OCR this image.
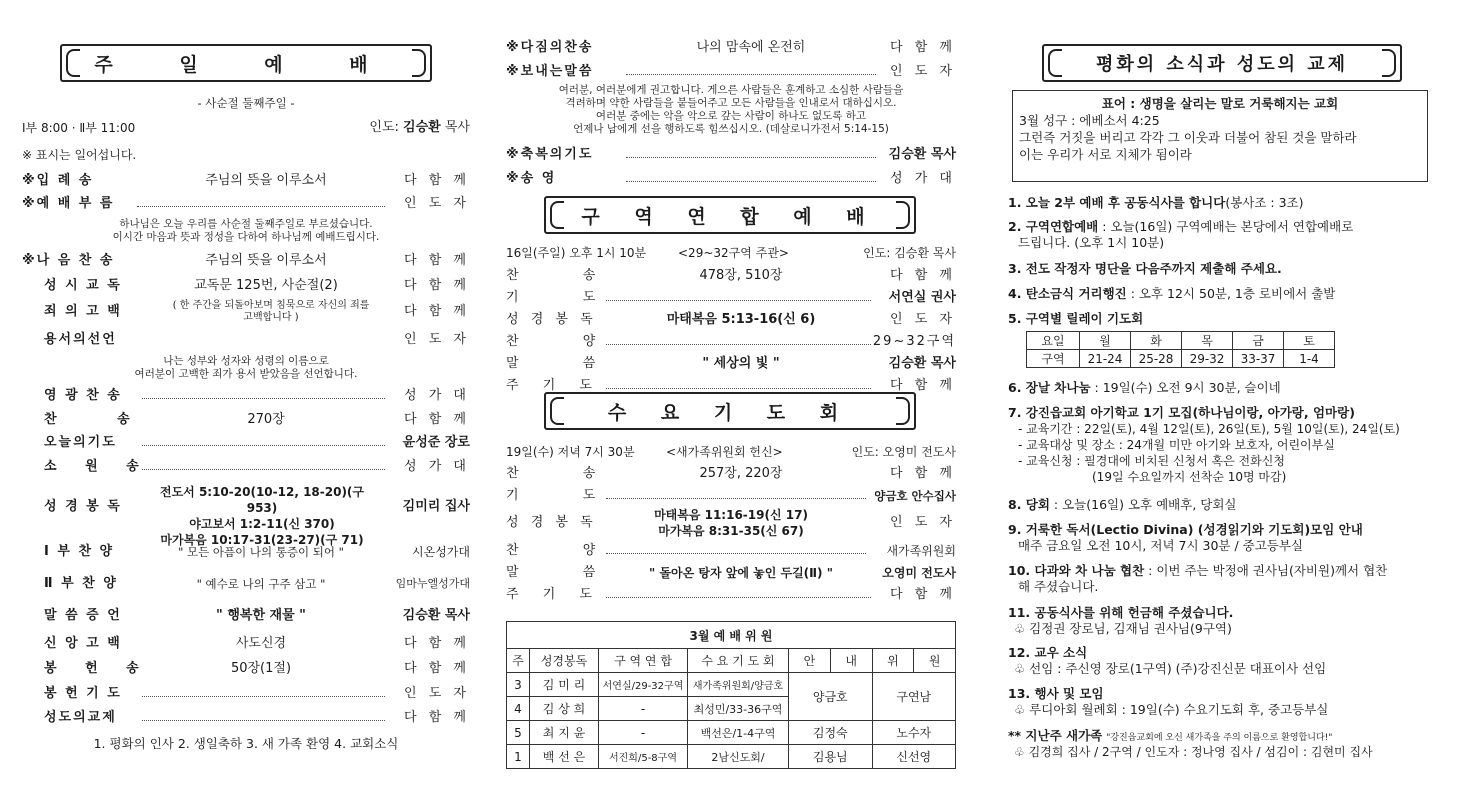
주 일 예 배
- 사순절 둘째주일 -
Ⅰ부 8:00 · Ⅱ부 11:00	인도: 김승환 목사
※ 표시는 일어섭니다.
※입 례 송	주님의 뜻을 이루소서	다 함 께
※예 배 부 름	인 도 자
하나님은 오늘 우리를 사순절 둘째주일로 부르셨습니다.
이시간 마음과 뜻과 정성을 다하여 하나님께 예배드립시다.
※나 음 찬 송	주님의 뜻을 이루소서	다 함 께
성 시 교 독	교독문 125번, 사순절(2)	다 함 께
죄 의 고 백	( 한 주간을 되돌아보며 침묵으로 자신의 죄를 고백합니다 )	다 함 께
용서의선언	인 도 자
나는 성부와 성자와 성령의 이름으로
여러분이 고백한 죄가 용서 받았음을 선언합니다.
영 광 찬 송	성 가 대
찬 송	270장	다 함 께
오늘의기도	윤성준 장로
소 원 송	성 가 대
성 경 봉 독	김미리 집사
전도서 5:10-20(10-12, 18-20)(구 953)
야고보서 1:2-11(신 370)
마가복음 10:17-31(23-27)(구 71)
Ⅰ 부 찬 양	" 모든 아픔이 나의 통증이 되어 "	시온성가대
Ⅱ 부 찬 양	" 예수로 나의 구주 삼고 "	임마누엘성가대
말 씀 증 언	" 행복한 재물 "	김승환 목사
신 앙 고 백	사도신경	다 함 께
봉 헌 송	50장(1절)	다 함 께
봉 헌 기 도	인 도 자
성도의교제	다 함 께
1. 평화의 인사 2. 생일축하 3. 새 가족 환영 4. 교회소식
※다짐의찬송	나의 맘속에 온전히	다 함 께
※보내는말씀	인 도 자
여러분, 여러분에게 권고합니다. 게으른 사람들은 훈계하고 소심한 사람들을
격려하며 약한 사람들을 붙들어주고 모든 사람들을 인내로서 대하십시오.
여러분 중에는 악을 악으로 갚는 사람이 하나도 없도록 하고
언제나 남에게 선을 행하도록 힘쓰십시오. (데살로니가전서 5:14-15)
※축복의기도	김승환 목사
※송 영	성 가 대
구 역 연 합 예 배
16일(주일) 오후 1시 10분	<29~32구역 주관>	인도: 김승환 목사
찬 송	478장, 510장	다 함 께
기 도	서연실 권사
성 경 봉 독	마태복음 5:13-16(신 6)	인 도 자
찬 양	29~32구역
말 씀	" 세상의 빛 "	김승환 목사
주 기 도	다 함 께
수 요 기 도 회
19일(수) 저녁 7시 30분	<새가족위원회 헌신>	인도: 오영미 전도사
찬 송	257장, 220장	다 함 께
기 도	양금호 안수집사
성 경 봉 독	인 도 자
마태복음 11:16-19(신 17)
마가복음 8:31-35(신 67)
찬 양	새가족위원회
말 씀	" 돌아온 탕자 앞에 놓인 두길(Ⅱ) "	오영미 전도사
주 기 도	다 함 께
3월 예 배 위 원							
주	성경봉독	구 역 연 합	수 요 기 도 회	안	내	위	원
3	김 미 리	서연실/29-32구역	새가족위원회/양금호	양금호		구연남	
4	김 상 희	-	최성민/33-36구역				
5	최 지 윤	-	백선은/1-4구역	김정숙		노수자	
1	백 선 은	서진희/5-8구역	2남신도회/	김용님		신선영	
평화의 소식과 성도의 교제
표어 : 생명을 살리는 말로 거룩해지는 교회
3월 성구 : 에베소서 4:25
그런즉 거짓을 버리고 각각 그 이웃과 더불어 참된 것을 말하라
이는 우리가 서로 지체가 됨이라
1. 오늘 2부 예배 후 공동식사를 합니다(봉사조 : 3조)
2. 구역연합예배 : 오늘(16일) 구역예배는 본당에서 연합예배로
드립니다. (오후 1시 10분)
3. 전도 작정자 명단을 다음주까지 제출해 주세요.
4. 탄소금식 거리행진 : 오후 12시 50분, 1층 로비에서 출발
5. 구역별 릴레이 기도회
요일	월	화	목	금	토
구역	21-24	25-28	29-32	33-37	1-4
6. 장날 차나눔 : 19일(수) 오전 9시 30분, 슬이네
7. 강진읍교회 아기학교 1기 모집(하나님이랑, 아가랑, 엄마랑)
- 교육기간 : 22일(토), 4월 12일(토), 26일(토), 5월 10일(토), 24일(토)
- 교육대상 및 장소 : 24개월 미만 아기와 보호자, 어린이부실
- 교육신청 : 필경대에 비치된 신청서 혹은 전화신청
(19일 수요일까지 선착순 10명 마감)
8. 당회 : 오늘(16일) 오후 예배후, 당회실
9. 거룩한 독서(Lectio Divina) (성경읽기와 기도회)모임 안내
매주 금요일 오전 10시, 저녁 7시 30분 / 중고등부실
10. 다과와 차 나눔 협찬 : 이번 주는 박정애 권사님(자비원)께서 협찬
해 주셨습니다.
11. 공동식사를 위해 헌금해 주셨습니다.
♧ 김정권 장로님, 김재님 권사님(9구역)
12. 교우 소식
♧ 선임 : 주신영 장로(1구역) (주)강진신문 대표이사 선임
13. 행사 및 모임
♧ 루디아회 월례회 : 19일(수) 수요기도회 후, 중고등부실
** 지난주 새가족 "강진읍교회에 오신 새가족을 주의 이름으로 환영합니다!"
♧ 김경희 집사 / 2구역 / 인도자 : 정나영 집사 / 섬김이 : 김현미 집사
